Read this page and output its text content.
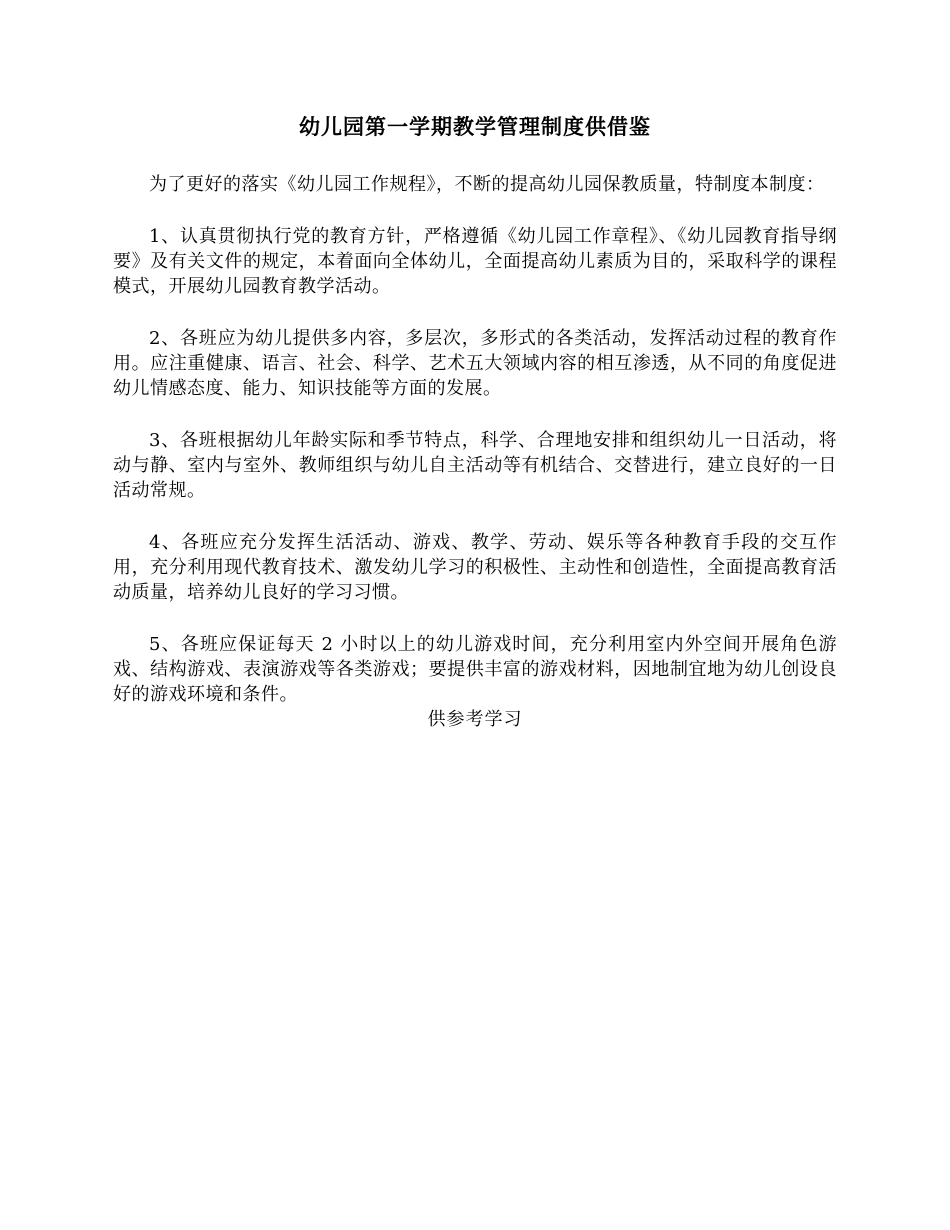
幼儿园第一学期教学管理制度供借鉴

为了更好的落实《幼儿园工作规程》，不断的提高幼儿园保教质量，特制度本制度：

1、认真贯彻执行党的教育方针，严格遵循《幼儿园工作章程》、《幼儿园教育指导纲要》及有关文件的规定，本着面向全体幼儿，全面提高幼儿素质为目的，采取科学的课程模式，开展幼儿园教育教学活动。

2、各班应为幼儿提供多内容，多层次，多形式的各类活动，发挥活动过程的教育作用。应注重健康、语言、社会、科学、艺术五大领域内容的相互渗透，从不同的角度促进幼儿情感态度、能力、知识技能等方面的发展。

3、各班根据幼儿年龄实际和季节特点，科学、合理地安排和组织幼儿一日活动，将动与静、室内与室外、教师组织与幼儿自主活动等有机结合、交替进行，建立良好的一日活动常规。

4、各班应充分发挥生活活动、游戏、教学、劳动、娱乐等各种教育手段的交互作用，充分利用现代教育技术、激发幼儿学习的积极性、主动性和创造性，全面提高教育活动质量，培养幼儿良好的学习习惯。

5、各班应保证每天 2 小时以上的幼儿游戏时间，充分利用室内外空间开展角色游戏、结构游戏、表演游戏等各类游戏；要提供丰富的游戏材料，因地制宜地为幼儿创设良好的游戏环境和条件。

供参考学习
